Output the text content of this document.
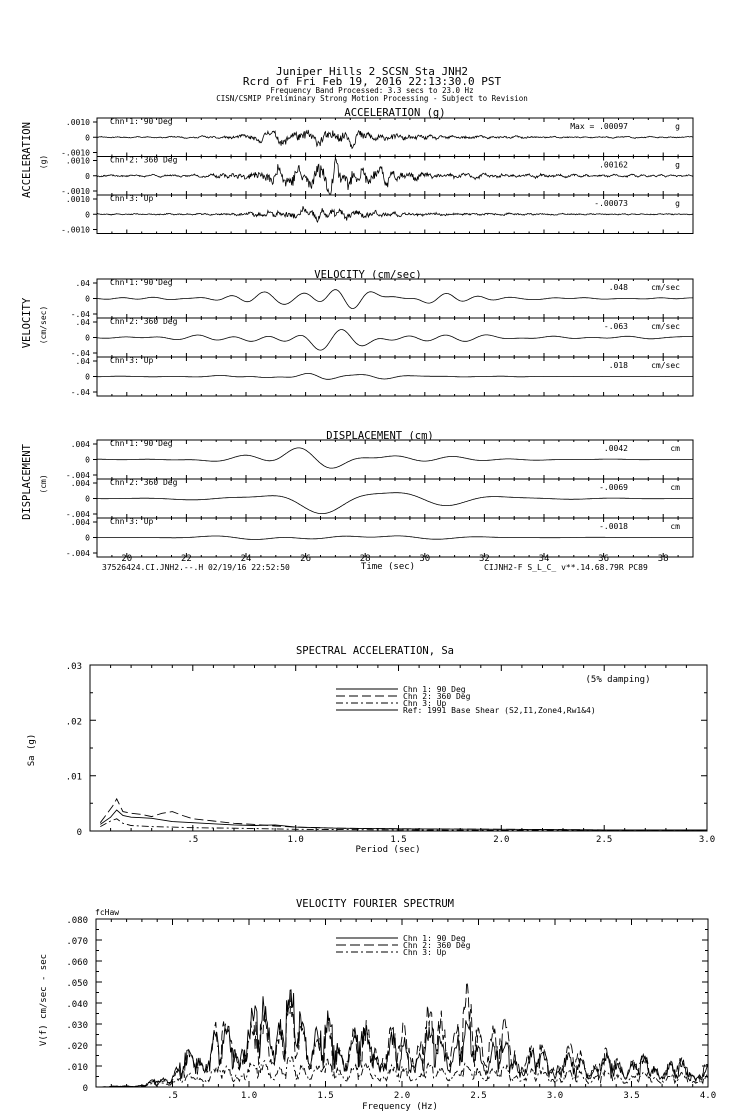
Juniper Hills 2 SCSN Sta JNH2
Rcrd of Fri Feb 19, 2016 22:13:30.0 PST
Frequency Band Processed: 3.3 secs to 23.0 Hz
CISN/CSMIP Preliminary Strong Motion Processing - Subject to Revision
ACCELERATION (g)
VELOCITY (cm/sec)
DISPLACEMENT (cm)
ACCELERATION (g)
VELOCITY (cm/sec)
DISPLACEMENT (cm)
.0010
0
-.0010
Chn 1: 90 Deg
Max = .00097	g
.0010
0
-.0010
Chn 2: 360 Deg
.00162	g
.0010
0
-.0010
Chn 3: Up
-.00073	g
.04
0
-.04
Chn 1: 90 Deg
.048	cm/sec
.04
0
-.04
Chn 2: 360 Deg
-.063	cm/sec
.04
0
-.04
Chn 3: Up
.018	cm/sec
.004
0
-.004
Chn 1: 90 Deg
.0042	cm
.004
0
-.004
Chn 2: 360 Deg
-.0069	cm
.004
0
-.004
Chn 3: Up
-.0018	cm
20	22	24	26	28	30	32	34	36	38
Time (sec)
37526424.CI.JNH2.--.H 02/19/16 22:52:50	CIJNH2-F S_L_C_ v**.14.68.79R PC89
SPECTRAL ACCELERATION, Sa
(5% damping)
Sa (g)
Period (sec)
.5	1.0	1.5	2.0	2.5	3.0
0
.01
.02
.03
Chn 1: 90 Deg
Chn 2: 360 Deg
Chn 3: Up
Ref: 1991 Base Shear (S2,I1,Zone4,Rw1&4)
VELOCITY FOURIER SPECTRUM
fcHaw
V(f) cm/sec - sec
Frequency (Hz)
.5	1.0	1.5	2.0	2.5	3.0	3.5	4.0
0
.010
.020
.030
.040
.050
.060
.070
.080
Chn 1: 90 Deg
Chn 2: 360 Deg
Chn 3: Up
